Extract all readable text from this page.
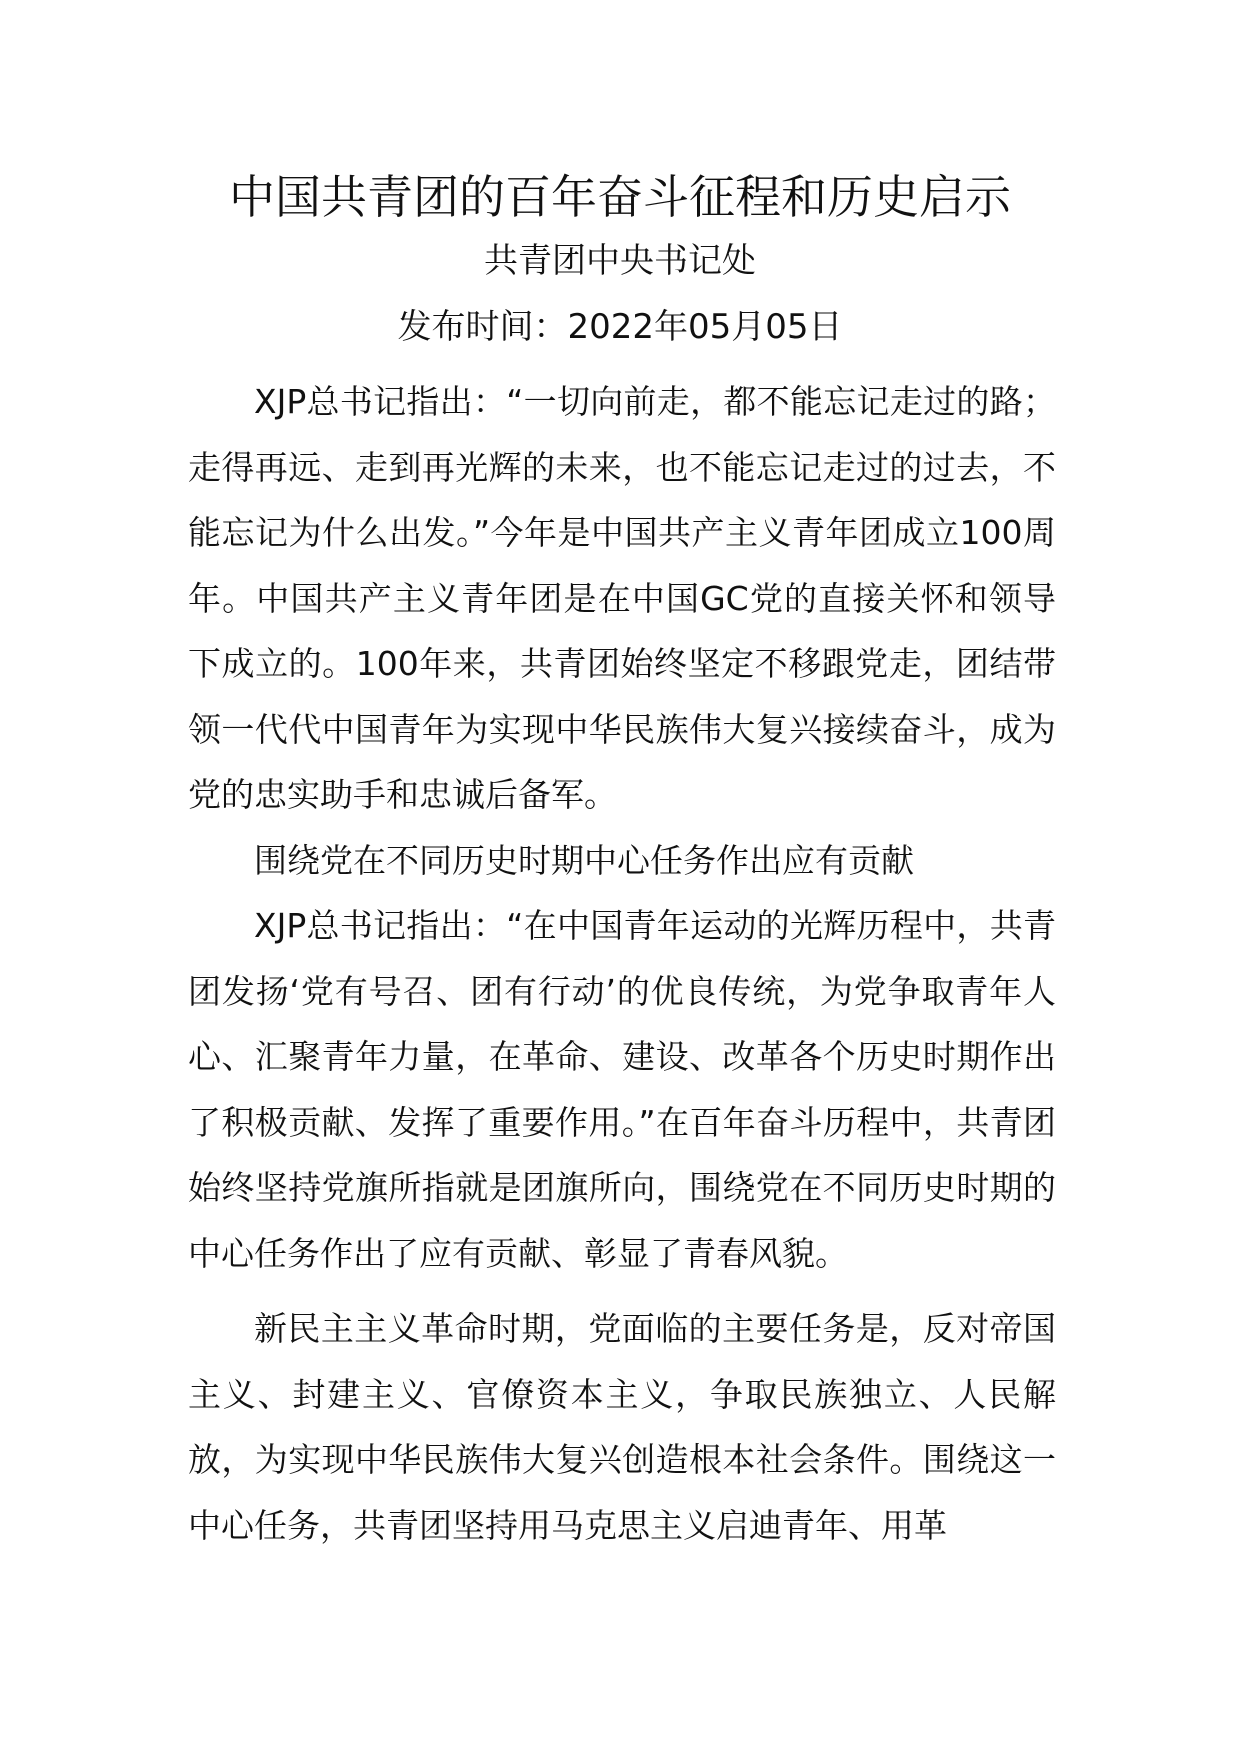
中国共青团的百年奋斗征程和历史启示

共青团中央书记处

发布时间：2022年05月05日

XJP总书记指出：“一切向前走，都不能忘记走过的路；走得再远、走到再光辉的未来，也不能忘记走过的过去，不能忘记为什么出发。”今年是中国共产主义青年团成立100周年。中国共产主义青年团是在中国GC党的直接关怀和领导下成立的。100年来，共青团始终坚定不移跟党走，团结带领一代代中国青年为实现中华民族伟大复兴接续奋斗，成为党的忠实助手和忠诚后备军。

围绕党在不同历史时期中心任务作出应有贡献

XJP总书记指出：“在中国青年运动的光辉历程中，共青团发扬‘党有号召、团有行动’的优良传统，为党争取青年人心、汇聚青年力量，在革命、建设、改革各个历史时期作出了积极贡献、发挥了重要作用。”在百年奋斗历程中，共青团始终坚持党旗所指就是团旗所向，围绕党在不同历史时期的中心任务作出了应有贡献、彰显了青春风貌。

新民主主义革命时期，党面临的主要任务是，反对帝国主义、封建主义、官僚资本主义，争取民族独立、人民解放，为实现中华民族伟大复兴创造根本社会条件。围绕这一中心任务，共青团坚持用马克思主义启迪青年、用革
